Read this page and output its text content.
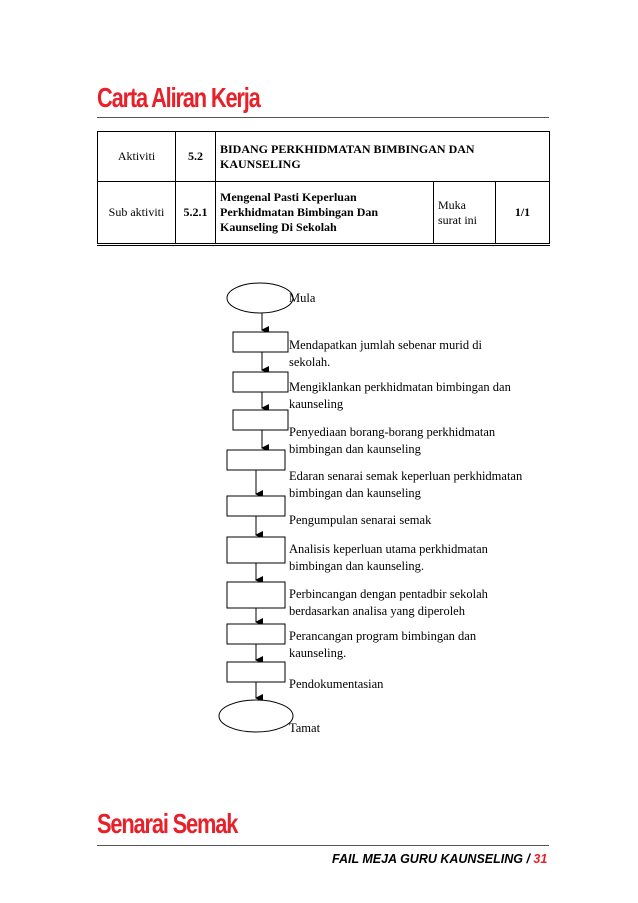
Carta Aliran Kerja
Aktiviti	5.2	BIDANG PERKHIDMATAN BIMBINGAN DAN KAUNSELING		
Sub aktiviti	5.2.1	Mengenal Pasti Keperluan Perkhidmatan Bimbingan Dan Kaunseling Di Sekolah	Muka surat ini	1/1
Mula
Mendapatkan jumlah sebenar murid di sekolah.
Mengiklankan perkhidmatan bimbingan dan kaunseling
Penyediaan borang-borang perkhidmatan bimbingan dan kaunseling
Edaran senarai semak keperluan perkhidmatan bimbingan dan kaunseling
Pengumpulan senarai semak
Analisis keperluan utama perkhidmatan bimbingan dan kaunseling.
Perbincangan dengan pentadbir sekolah berdasarkan analisa yang diperoleh
Perancangan program bimbingan dan kaunseling.
Pendokumentasian
Tamat
Senarai Semak
FAIL MEJA GURU KAUNSELING / 31
